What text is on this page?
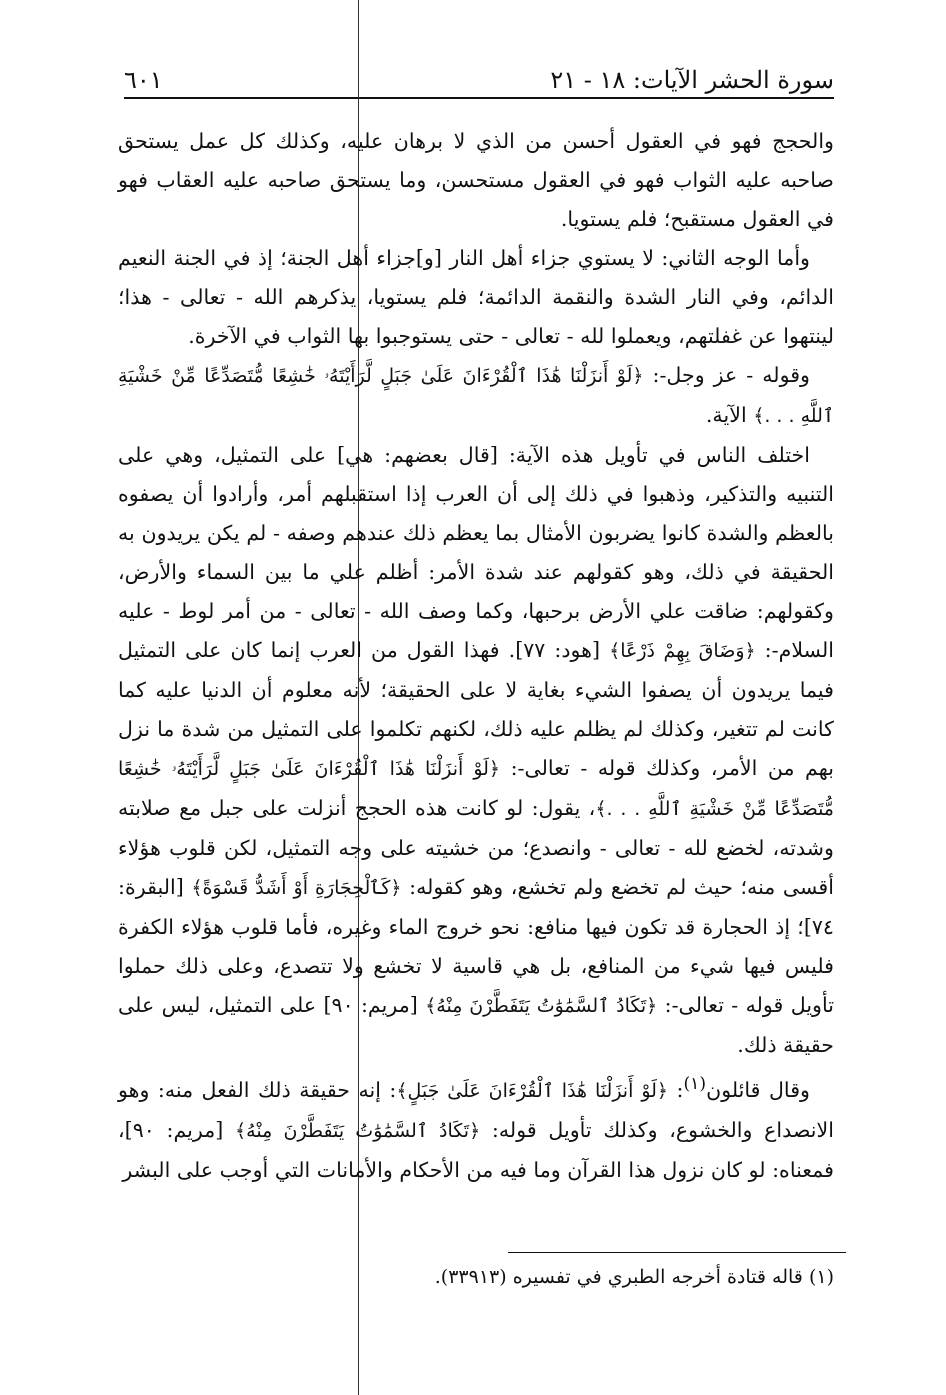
سورة الحشر الآيات: ١٨ - ٢١
٦٠١

والحجج فهو في العقول أحسن من الذي لا برهان عليه، وكذلك كل عمل يستحق صاحبه عليه الثواب فهو في العقول مستحسن، وما يستحق صاحبه عليه العقاب فهو في العقول مستقبح؛ فلم يستويا.

وأما الوجه الثاني: لا يستوي جزاء أهل النار [و]جزاء أهل الجنة؛ إذ في الجنة النعيم الدائم، وفي النار الشدة والنقمة الدائمة؛ فلم يستويا، يذكرهم الله - تعالى - هذا؛ لينتهوا عن غفلتهم، ويعملوا لله - تعالى - حتى يستوجبوا بها الثواب في الآخرة.

وقوله - عز وجل-: ﴿لَوْ أَنزَلْنَا هَٰذَا ٱلْقُرْءَانَ عَلَىٰ جَبَلٍ لَّرَأَيْتَهُۥ خَٰشِعًا مُّتَصَدِّعًا مِّنْ خَشْيَةِ ٱللَّهِ . . .﴾ الآية.

اختلف الناس في تأويل هذه الآية: [قال بعضهم: هي] على التمثيل، وهي على التنبيه والتذكير، وذهبوا في ذلك إلى أن العرب إذا استقبلهم أمر، وأرادوا أن يصفوه بالعظم والشدة كانوا يضربون الأمثال بما يعظم ذلك عندهم وصفه - لم يكن يريدون به الحقيقة في ذلك، وهو كقولهم عند شدة الأمر: أظلم علي ما بين السماء والأرض، وكقولهم: ضاقت علي الأرض برحبها، وكما وصف الله - تعالى - من أمر لوط - عليه السلام-: ﴿وَضَاقَ بِهِمْ ذَرْعًا﴾ [هود: ٧٧]. فهذا القول من العرب إنما كان على التمثيل فيما يريدون أن يصفوا الشيء بغاية لا على الحقيقة؛ لأنه معلوم أن الدنيا عليه كما كانت لم تتغير، وكذلك لم يظلم عليه ذلك، لكنهم تكلموا على التمثيل من شدة ما نزل بهم من الأمر، وكذلك قوله - تعالى-: ﴿لَوْ أَنزَلْنَا هَٰذَا ٱلْقُرْءَانَ عَلَىٰ جَبَلٍ لَّرَأَيْتَهُۥ خَٰشِعًا مُّتَصَدِّعًا مِّنْ خَشْيَةِ ٱللَّهِ . . .﴾، يقول: لو كانت هذه الحجج أنزلت على جبل مع صلابته وشدته، لخضع لله - تعالى - وانصدع؛ من خشيته على وجه التمثيل، لكن قلوب هؤلاء أقسى منه؛ حيث لم تخضع ولم تخشع، وهو كقوله: ﴿كَٱلْحِجَارَةِ أَوْ أَشَدُّ قَسْوَةً﴾ [البقرة: ٧٤]؛ إذ الحجارة قد تكون فيها منافع: نحو خروج الماء وغيره، فأما قلوب هؤلاء الكفرة فليس فيها شيء من المنافع، بل هي قاسية لا تخشع ولا تتصدع، وعلى ذلك حملوا تأويل قوله - تعالى-: ﴿تَكَادُ ٱلسَّمَٰوَٰتُ يَتَفَطَّرْنَ مِنْهُ﴾ [مريم: ٩٠] على التمثيل، ليس على حقيقة ذلك.

وقال قائلون$^{(١)}$: ﴿لَوْ أَنزَلْنَا هَٰذَا ٱلْقُرْءَانَ عَلَىٰ جَبَلٍ﴾: إنه حقيقة ذلك الفعل منه: وهو الانصداع والخشوع، وكذلك تأويل قوله: ﴿تَكَادُ ٱلسَّمَٰوَٰتُ يَتَفَطَّرْنَ مِنْهُ﴾ [مريم: ٩٠]، فمعناه: لو كان نزول هذا القرآن وما فيه من الأحكام والأمانات التي أوجب على البشر

(١) قاله قتادة أخرجه الطبري في تفسيره (٣٣٩١٣).
